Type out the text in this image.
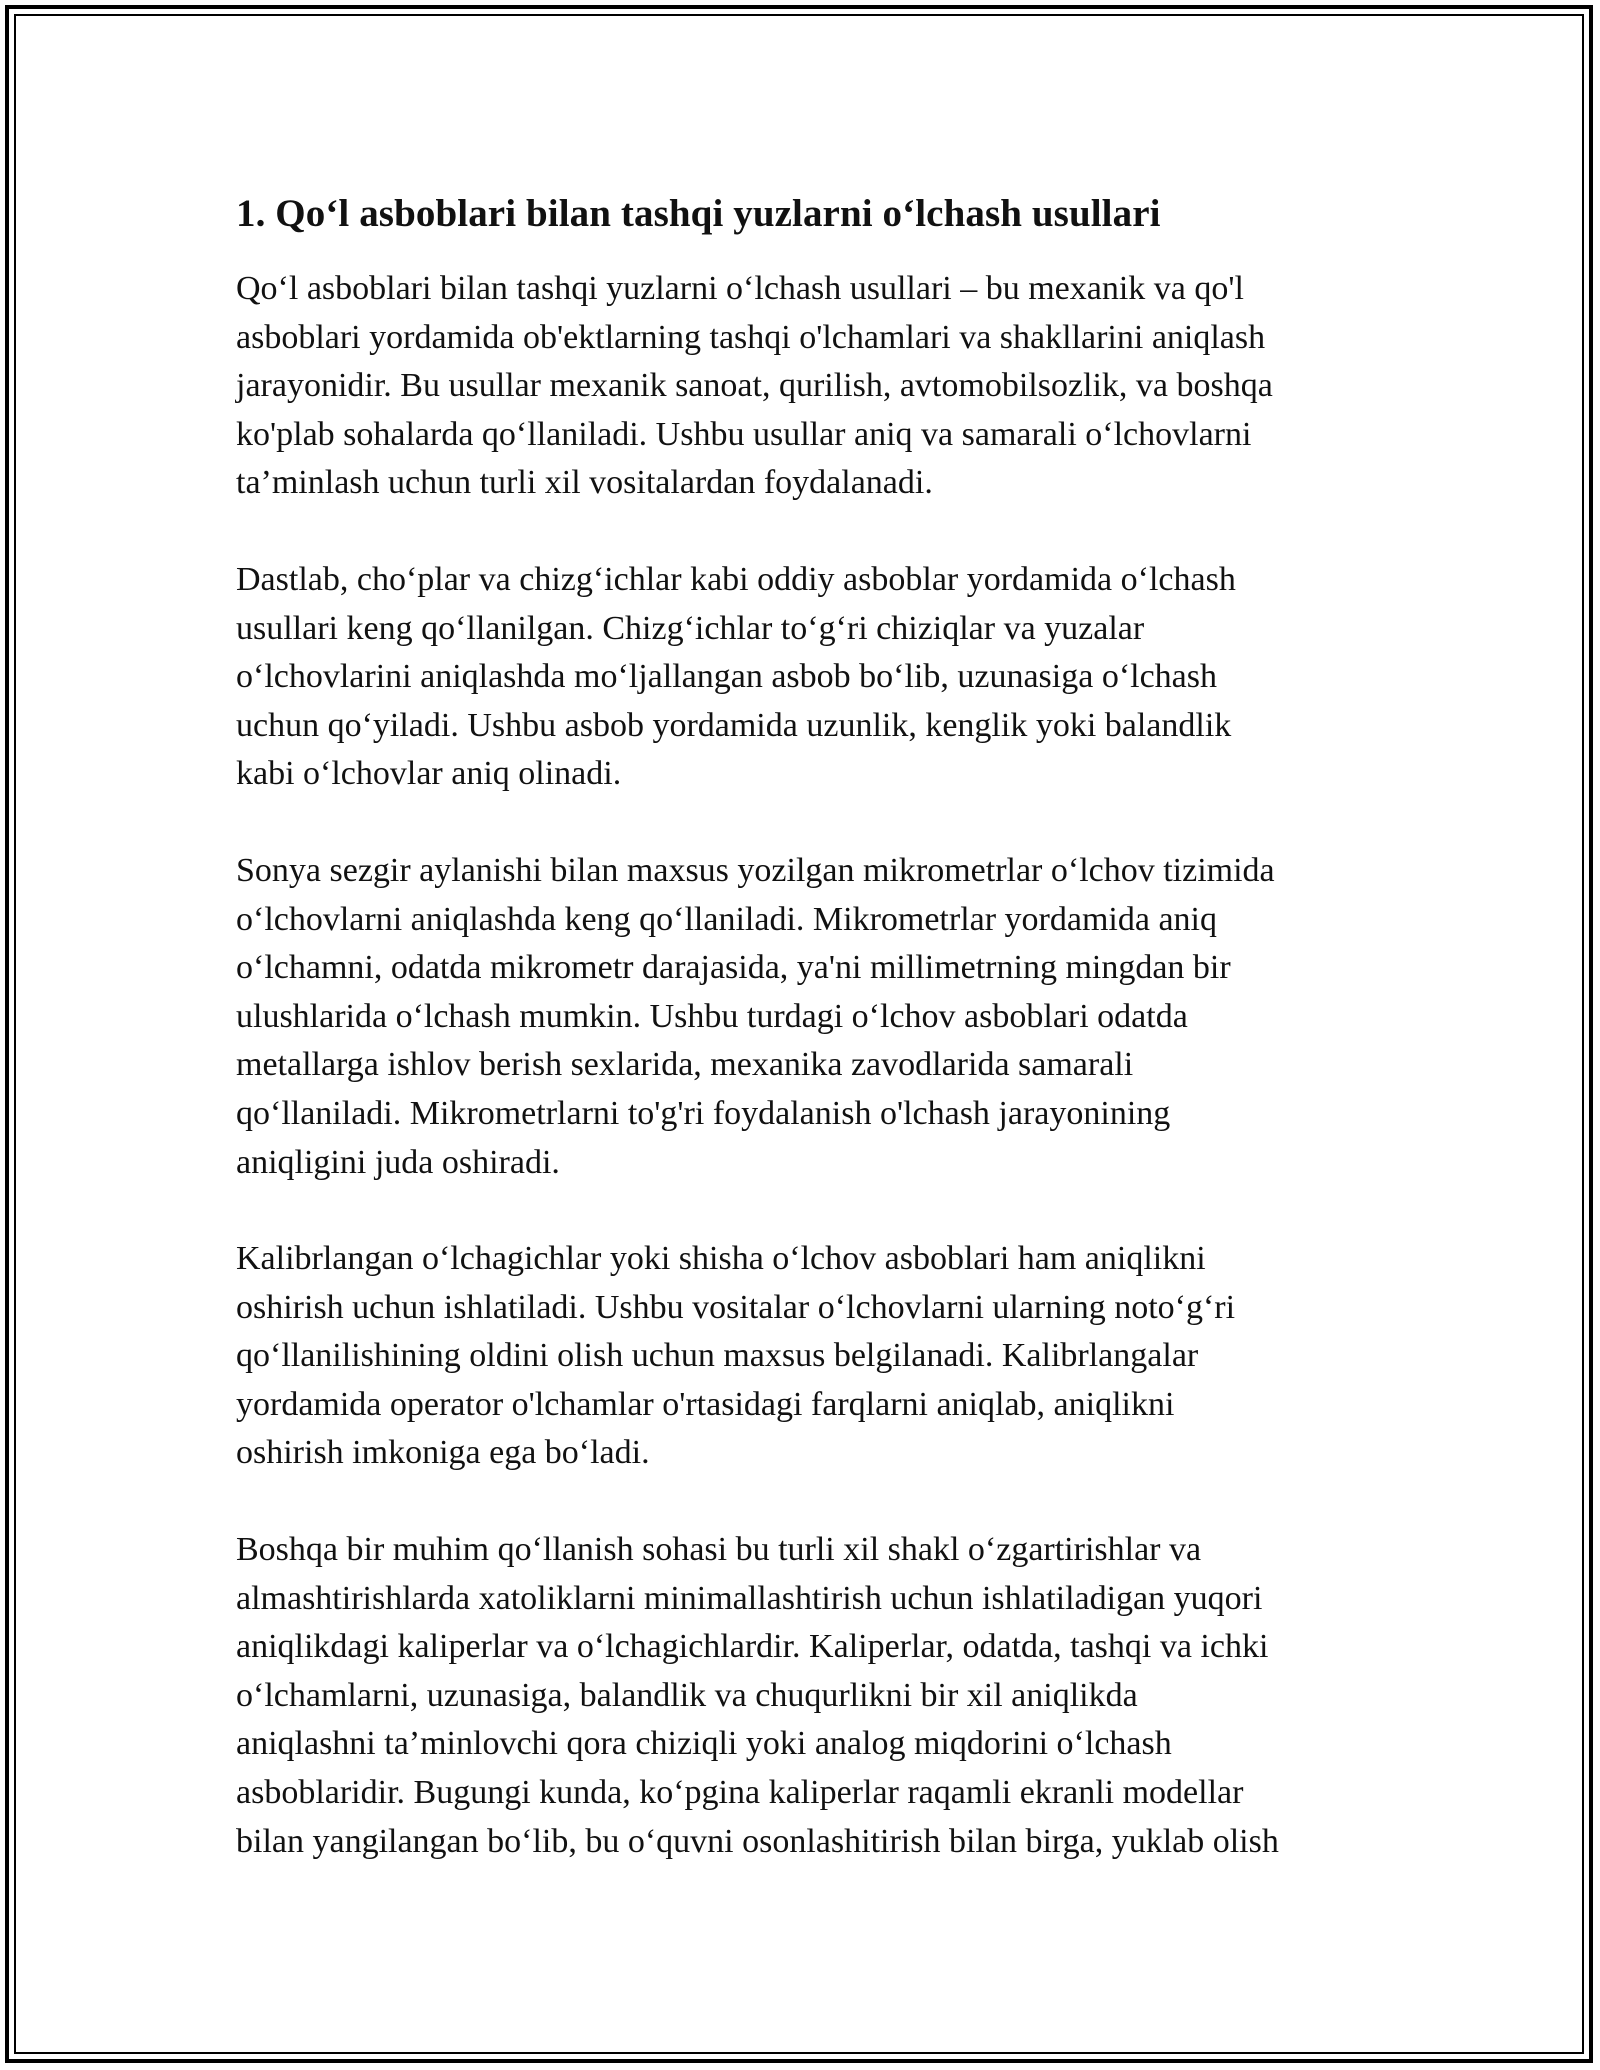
1. Qo‘l asboblari bilan tashqi yuzlarni o‘lchash usullari

Qo‘l asboblari bilan tashqi yuzlarni o‘lchash usullari – bu mexanik va qo'l
asboblari yordamida ob'ektlarning tashqi o'lchamlari va shakllarini aniqlash
jarayonidir. Bu usullar mexanik sanoat, qurilish, avtomobilsozlik, va boshqa
ko'plab sohalarda qo‘llaniladi. Ushbu usullar aniq va samarali o‘lchovlarni
ta’minlash uchun turli xil vositalardan foydalanadi.

Dastlab, cho‘plar va chizg‘ichlar kabi oddiy asboblar yordamida o‘lchash
usullari keng qo‘llanilgan. Chizg‘ichlar to‘g‘ri chiziqlar va yuzalar
o‘lchovlarini aniqlashda mo‘ljallangan asbob bo‘lib, uzunasiga o‘lchash
uchun qo‘yiladi. Ushbu asbob yordamida uzunlik, kenglik yoki balandlik
kabi o‘lchovlar aniq olinadi.

Sonya sezgir aylanishi bilan maxsus yozilgan mikrometrlar o‘lchov tizimida
o‘lchovlarni aniqlashda keng qo‘llaniladi. Mikrometrlar yordamida aniq
o‘lchamni, odatda mikrometr darajasida, ya'ni millimetrning mingdan bir
ulushlarida o‘lchash mumkin. Ushbu turdagi o‘lchov asboblari odatda
metallarga ishlov berish sexlarida, mexanika zavodlarida samarali
qo‘llaniladi. Mikrometrlarni to'g'ri foydalanish o'lchash jarayonining
aniqligini juda oshiradi.

Kalibrlangan o‘lchagichlar yoki shisha o‘lchov asboblari ham aniqlikni
oshirish uchun ishlatiladi. Ushbu vositalar o‘lchovlarni ularning noto‘g‘ri
qo‘llanilishining oldini olish uchun maxsus belgilanadi. Kalibrlangalar
yordamida operator o'lchamlar o'rtasidagi farqlarni aniqlab, aniqlikni
oshirish imkoniga ega bo‘ladi.

Boshqa bir muhim qo‘llanish sohasi bu turli xil shakl o‘zgartirishlar va
almashtirishlarda xatoliklarni minimallashtirish uchun ishlatiladigan yuqori
aniqlikdagi kaliperlar va o‘lchagichlardir. Kaliperlar, odatda, tashqi va ichki
o‘lchamlarni, uzunasiga, balandlik va chuqurlikni bir xil aniqlikda
aniqlashni ta’minlovchi qora chiziqli yoki analog miqdorini o‘lchash
asboblaridir. Bugungi kunda, ko‘pgina kaliperlar raqamli ekranli modellar
bilan yangilangan bo‘lib, bu o‘quvni osonlashitirish bilan birga, yuklab olish
